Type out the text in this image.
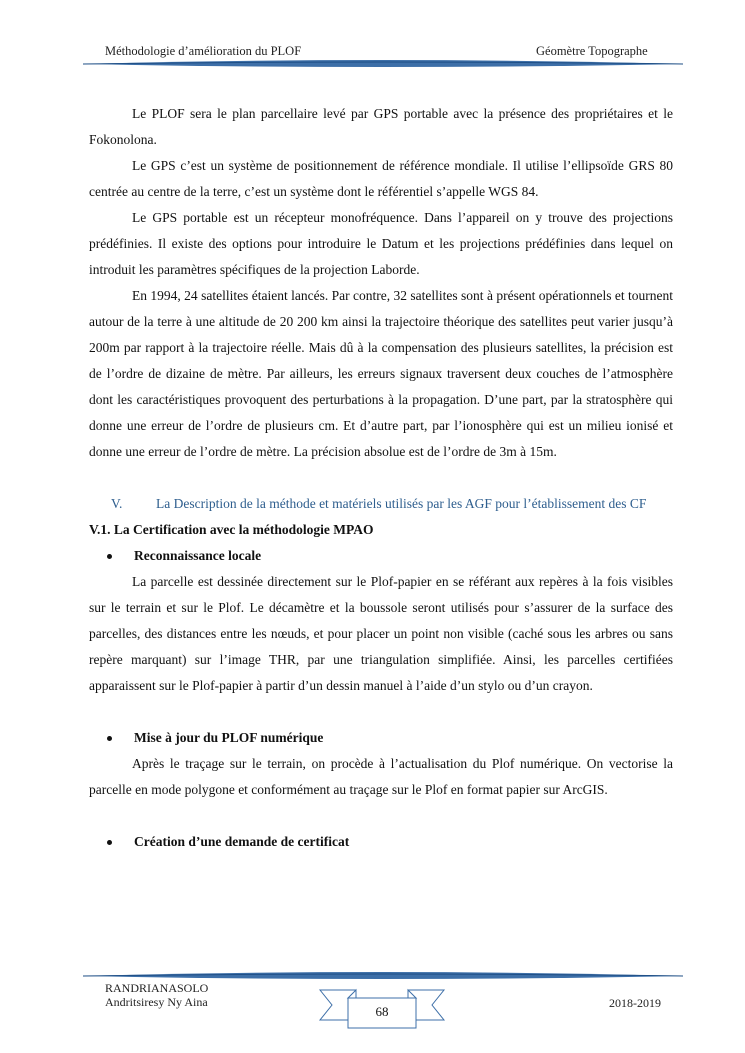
Méthodologie d’amélioration du PLOF	Géomètre Topographe

Le PLOF sera le plan parcellaire levé par GPS portable avec la présence des propriétaires et le Fokonolona.

Le GPS c’est un système de positionnement de référence mondiale. Il utilise l’ellipsoïde GRS 80 centrée au centre de la terre, c’est un système dont le référentiel s’appelle WGS 84.

Le GPS portable est un récepteur monofréquence. Dans l’appareil on y trouve des projections prédéfinies. Il existe des options pour introduire le Datum et les projections prédéfinies dans lequel on introduit les paramètres spécifiques de la projection Laborde.

En 1994, 24 satellites étaient lancés. Par contre, 32 satellites sont à présent opérationnels et tournent autour de la terre à une altitude de 20 200 km ainsi la trajectoire théorique des satellites peut varier jusqu’à 200m par rapport à la trajectoire réelle. Mais dû à la compensation des plusieurs satellites, la précision est de l’ordre de dizaine de mètre. Par ailleurs, les erreurs signaux traversent deux couches de l’atmosphère dont les caractéristiques provoquent des perturbations à la propagation. D’une part, par la stratosphère qui donne une erreur de l’ordre de plusieurs cm. Et d’autre part, par l’ionosphère qui est un milieu ionisé et donne une erreur de l’ordre de mètre. La précision absolue est de l’ordre de 3m à 15m.

V.	La Description de la méthode et matériels utilisés par les AGF pour l’établissement des CF

V.1. La Certification avec la méthodologie MPAO

Reconnaissance locale

La parcelle est dessinée directement sur le Plof-papier en se référant aux repères à la fois visibles sur le terrain et sur le Plof. Le décamètre et la boussole seront utilisés pour s’assurer de la surface des parcelles, des distances entre les nœuds, et pour placer un point non visible (caché sous les arbres ou sans repère marquant) sur l’image THR, par une triangulation simplifiée. Ainsi, les parcelles certifiées apparaissent sur le Plof-papier à partir d’un dessin manuel à l’aide d’un stylo ou d’un crayon.

Mise à jour du PLOF numérique

Après le traçage sur le terrain, on procède à l’actualisation du Plof numérique. On vectorise la parcelle en mode polygone et conformément au traçage sur le Plof en format papier sur ArcGIS.

Création d’une demande de certificat
RANDRIANASOLO
Andritsiresy Ny Aina
68
2018-2019
